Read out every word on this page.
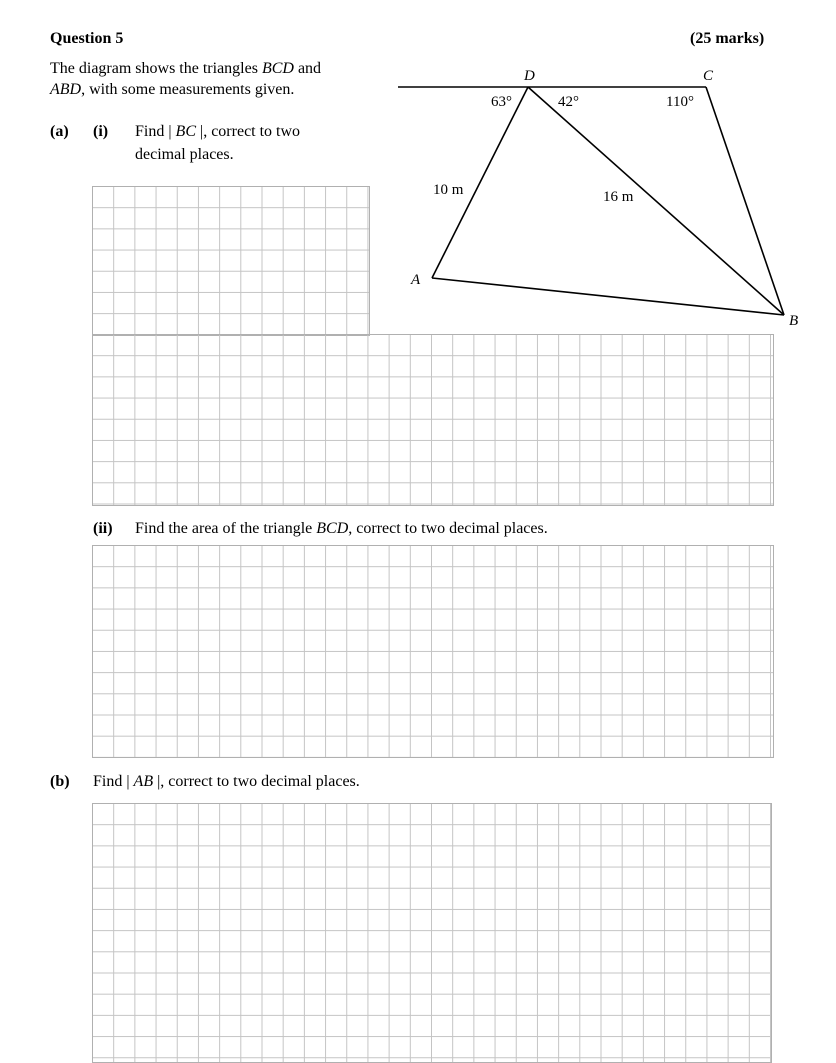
Question 5	(25 marks)
The diagram shows the triangles BCD and
ABD, with some measurements given.
(a) (i) Find | BC |, correct to two
decimal places.
(ii) Find the area of the triangle BCD, correct to two decimal places.
(b) Find | AB |, correct to two decimal places.
D	C
A
B
63°	42°	110°
10 m	16 m
